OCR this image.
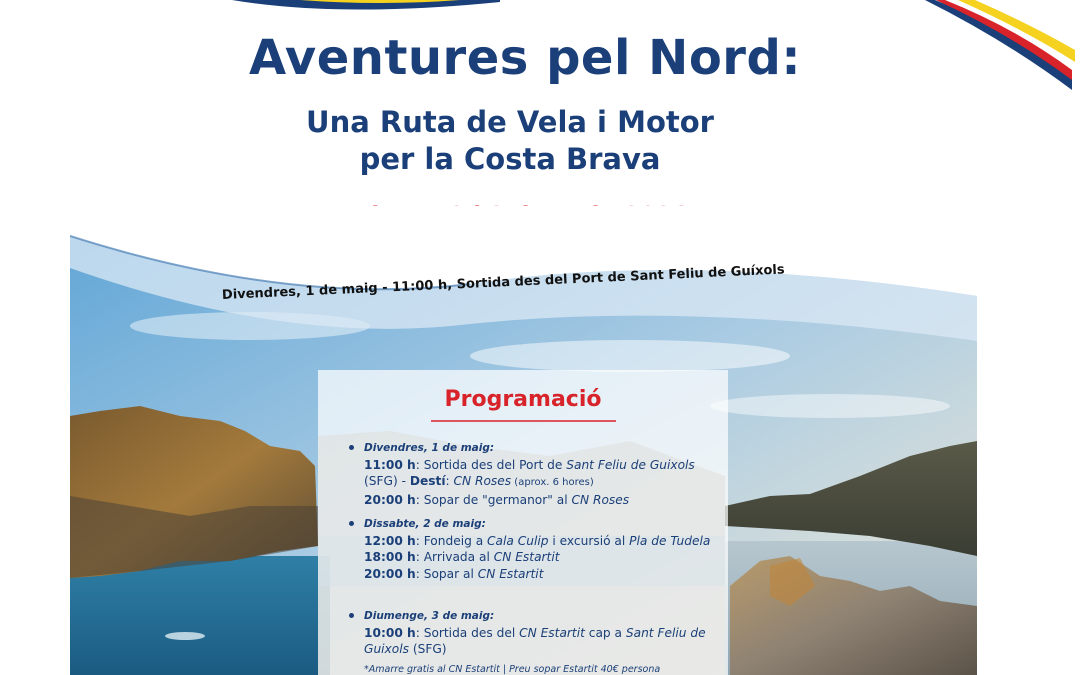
Aventures pel Nord:
Una Ruta de Vela i Motor
per la Costa Brava
Divendres, 1 de maig - 11:00 h, Sortida des del Port de Sant Feliu de Guíxols
Programació
Divendres, 1 de maig:
11:00 h: Sortida des del Port de Sant Feliu de Guixols (SFG) - Destí: CN Roses (aprox. 6 hores)
20:00 h: Sopar de "germanor" al CN Roses
Dissabte, 2 de maig:
12:00 h: Fondeig a Cala Culip i excursió al Pla de Tudela
18:00 h: Arrivada al CN Estartit
20:00 h: Sopar al CN Estartit
Diumenge, 3 de maig:
10:00 h: Sortida des del CN Estartit cap a Sant Feliu de Guixols (SFG)
*Amarre gratis al CN Estartit | Preu sopar Estartit 40€ persona
